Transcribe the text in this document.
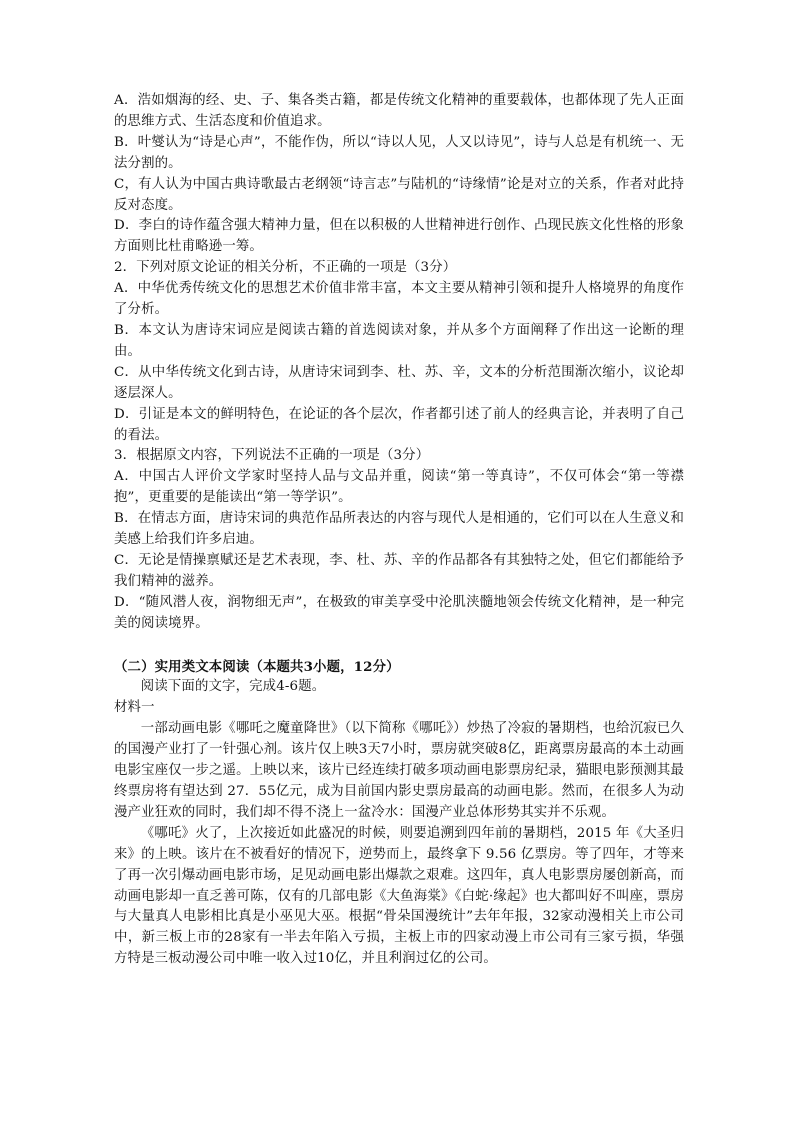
A．浩如烟海的经、史、子、集各类古籍，都是传统文化精神的重要载体，也都体现了先人正面的思维方式、生活态度和价值追求。

B．叶燮认为“诗是心声”，不能作伪，所以“诗以人见，人又以诗见”，诗与人总是有机统一、无法分割的。

C，有人认为中国古典诗歌最古老纲领“诗言志”与陆机的“诗缘情”论是对立的关系，作者对此持反对态度。

D．李白的诗作蕴含强大精神力量，但在以积极的人世精神进行创作、凸现民族文化性格的形象方面则比杜甫略逊一筹。

2．下列对原文论证的相关分析，不正确的一项是（3分）

A．中华优秀传统文化的思想艺术价值非常丰富，本文主要从精神引领和提升人格境界的角度作了分析。

B．本文认为唐诗宋词应是阅读古籍的首选阅读对象，并从多个方面阐释了作出这一论断的理由。

C．从中华传统文化到古诗，从唐诗宋词到李、杜、苏、辛，文本的分析范围渐次缩小，议论却逐层深人。

D．引证是本文的鲜明特色，在论证的各个层次，作者都引述了前人的经典言论，并表明了自己的看法。

3．根据原文内容，下列说法不正确的一项是（3分）

A．中国古人评价文学家时坚持人品与文品并重，阅读“第一等真诗”，不仅可体会“第一等襟抱”，更重要的是能读出“第一等学识”。

B．在情志方面，唐诗宋词的典范作品所表达的内容与现代人是相通的，它们可以在人生意义和美感上给我们许多启迪。

C．无论是情操禀赋还是艺术表现，李、杜、苏、辛的作品都各有其独特之处，但它们都能给予我们精神的滋养。

D．“随风潜人夜，润物细无声”，在极致的审美享受中沦肌浃髓地领会传统文化精神，是一种完美的阅读境界。

（二）实用类文本阅读（本题共3小题，12分）

阅读下面的文字，完成4-6题。

材料一

一部动画电影《哪吒之魔童降世》（以下简称《哪吒》）炒热了冷寂的暑期档，也给沉寂已久的国漫产业打了一针强心剂。该片仅上映3天7小时，票房就突破8亿，距离票房最高的本土动画电影宝座仅一步之遥。上映以来，该片已经连续打破多项动画电影票房纪录，猫眼电影预测其最终票房将有望达到 27．55亿元，成为目前国内影史票房最高的动画电影。然而，在很多人为动漫产业狂欢的同时，我们却不得不浇上一盆冷水：国漫产业总体形势其实并不乐观。

《哪吒》火了，上次接近如此盛况的时候，则要追溯到四年前的暑期档，2015 年《大圣归来》的上映。该片在不被看好的情况下，逆势而上，最终拿下 9.56 亿票房。等了四年，才等来了再一次引爆动画电影市场，足见动画电影出爆款之艰难。这四年，真人电影票房屡创新高，而动画电影却一直乏善可陈，仅有的几部电影《大鱼海棠》《白蛇·缘起》也大都叫好不叫座，票房与大量真人电影相比真是小巫见大巫。根据“骨朵国漫统计”去年年报，32家动漫相关上市公司中，新三板上市的28家有一半去年陷入亏损，主板上市的四家动漫上市公司有三家亏损，华强方特是三板动漫公司中唯一收入过10亿，并且利润过亿的公司。
